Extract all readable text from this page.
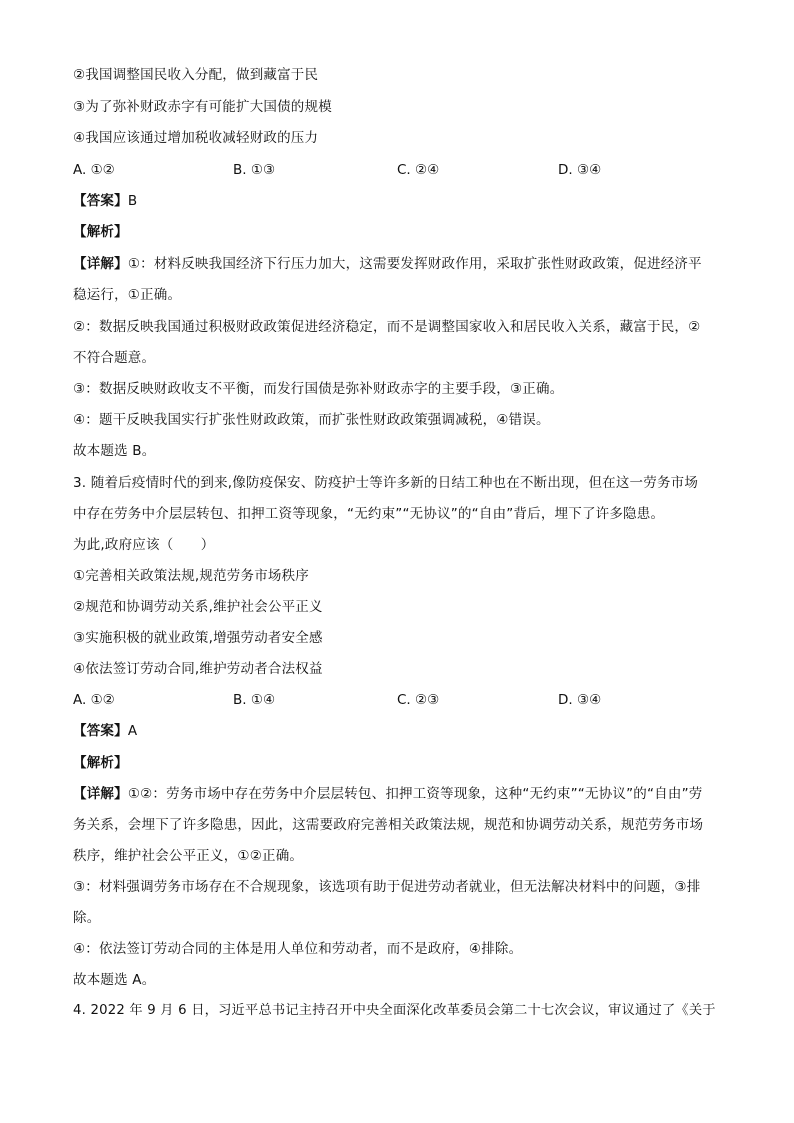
②我国调整国民收入分配，做到藏富于民
③为了弥补财政赤字有可能扩大国债的规模
④我国应该通过增加税收减轻财政的压力
A. ①②	B. ①③	C. ②④	D. ③④
【答案】B
【解析】
【详解】①：材料反映我国经济下行压力加大，这需要发挥财政作用，采取扩张性财政政策，促进经济平
稳运行，①正确。
②：数据反映我国通过积极财政政策促进经济稳定，而不是调整国家收入和居民收入关系，藏富于民，②
不符合题意。
③：数据反映财政收支不平衡，而发行国债是弥补财政赤字的主要手段，③正确。
④：题干反映我国实行扩张性财政政策，而扩张性财政政策强调减税，④错误。
故本题选 B。
3. 随着后疫情时代的到来,像防疫保安、防疫护士等许多新的日结工种也在不断出现，但在这一劳务市场
中存在劳务中介层层转包、扣押工资等现象，“无约束”“无协议”的“自由”背后，埋下了许多隐患。
为此,政府应该（　　）
①完善相关政策法规,规范劳务市场秩序
②规范和协调劳动关系,维护社会公平正义
③实施积极的就业政策,增强劳动者安全感
④依法签订劳动合同,维护劳动者合法权益
A. ①②	B. ①④	C. ②③	D. ③④
【答案】A
【解析】
【详解】①②：劳务市场中存在劳务中介层层转包、扣押工资等现象，这种“无约束”“无协议”的“自由”劳
务关系，会埋下了许多隐患，因此，这需要政府完善相关政策法规，规范和协调劳动关系，规范劳务市场
秩序，维护社会公平正义，①②正确。
③：材料强调劳务市场存在不合规现象，该选项有助于促进劳动者就业，但无法解决材料中的问题，③排
除。
④：依法签订劳动合同的主体是用人单位和劳动者，而不是政府，④排除。
故本题选 A。
4. 2022 年 9 月 6 日，习近平总书记主持召开中央全面深化改革委员会第二十七次会议，审议通过了《关于
